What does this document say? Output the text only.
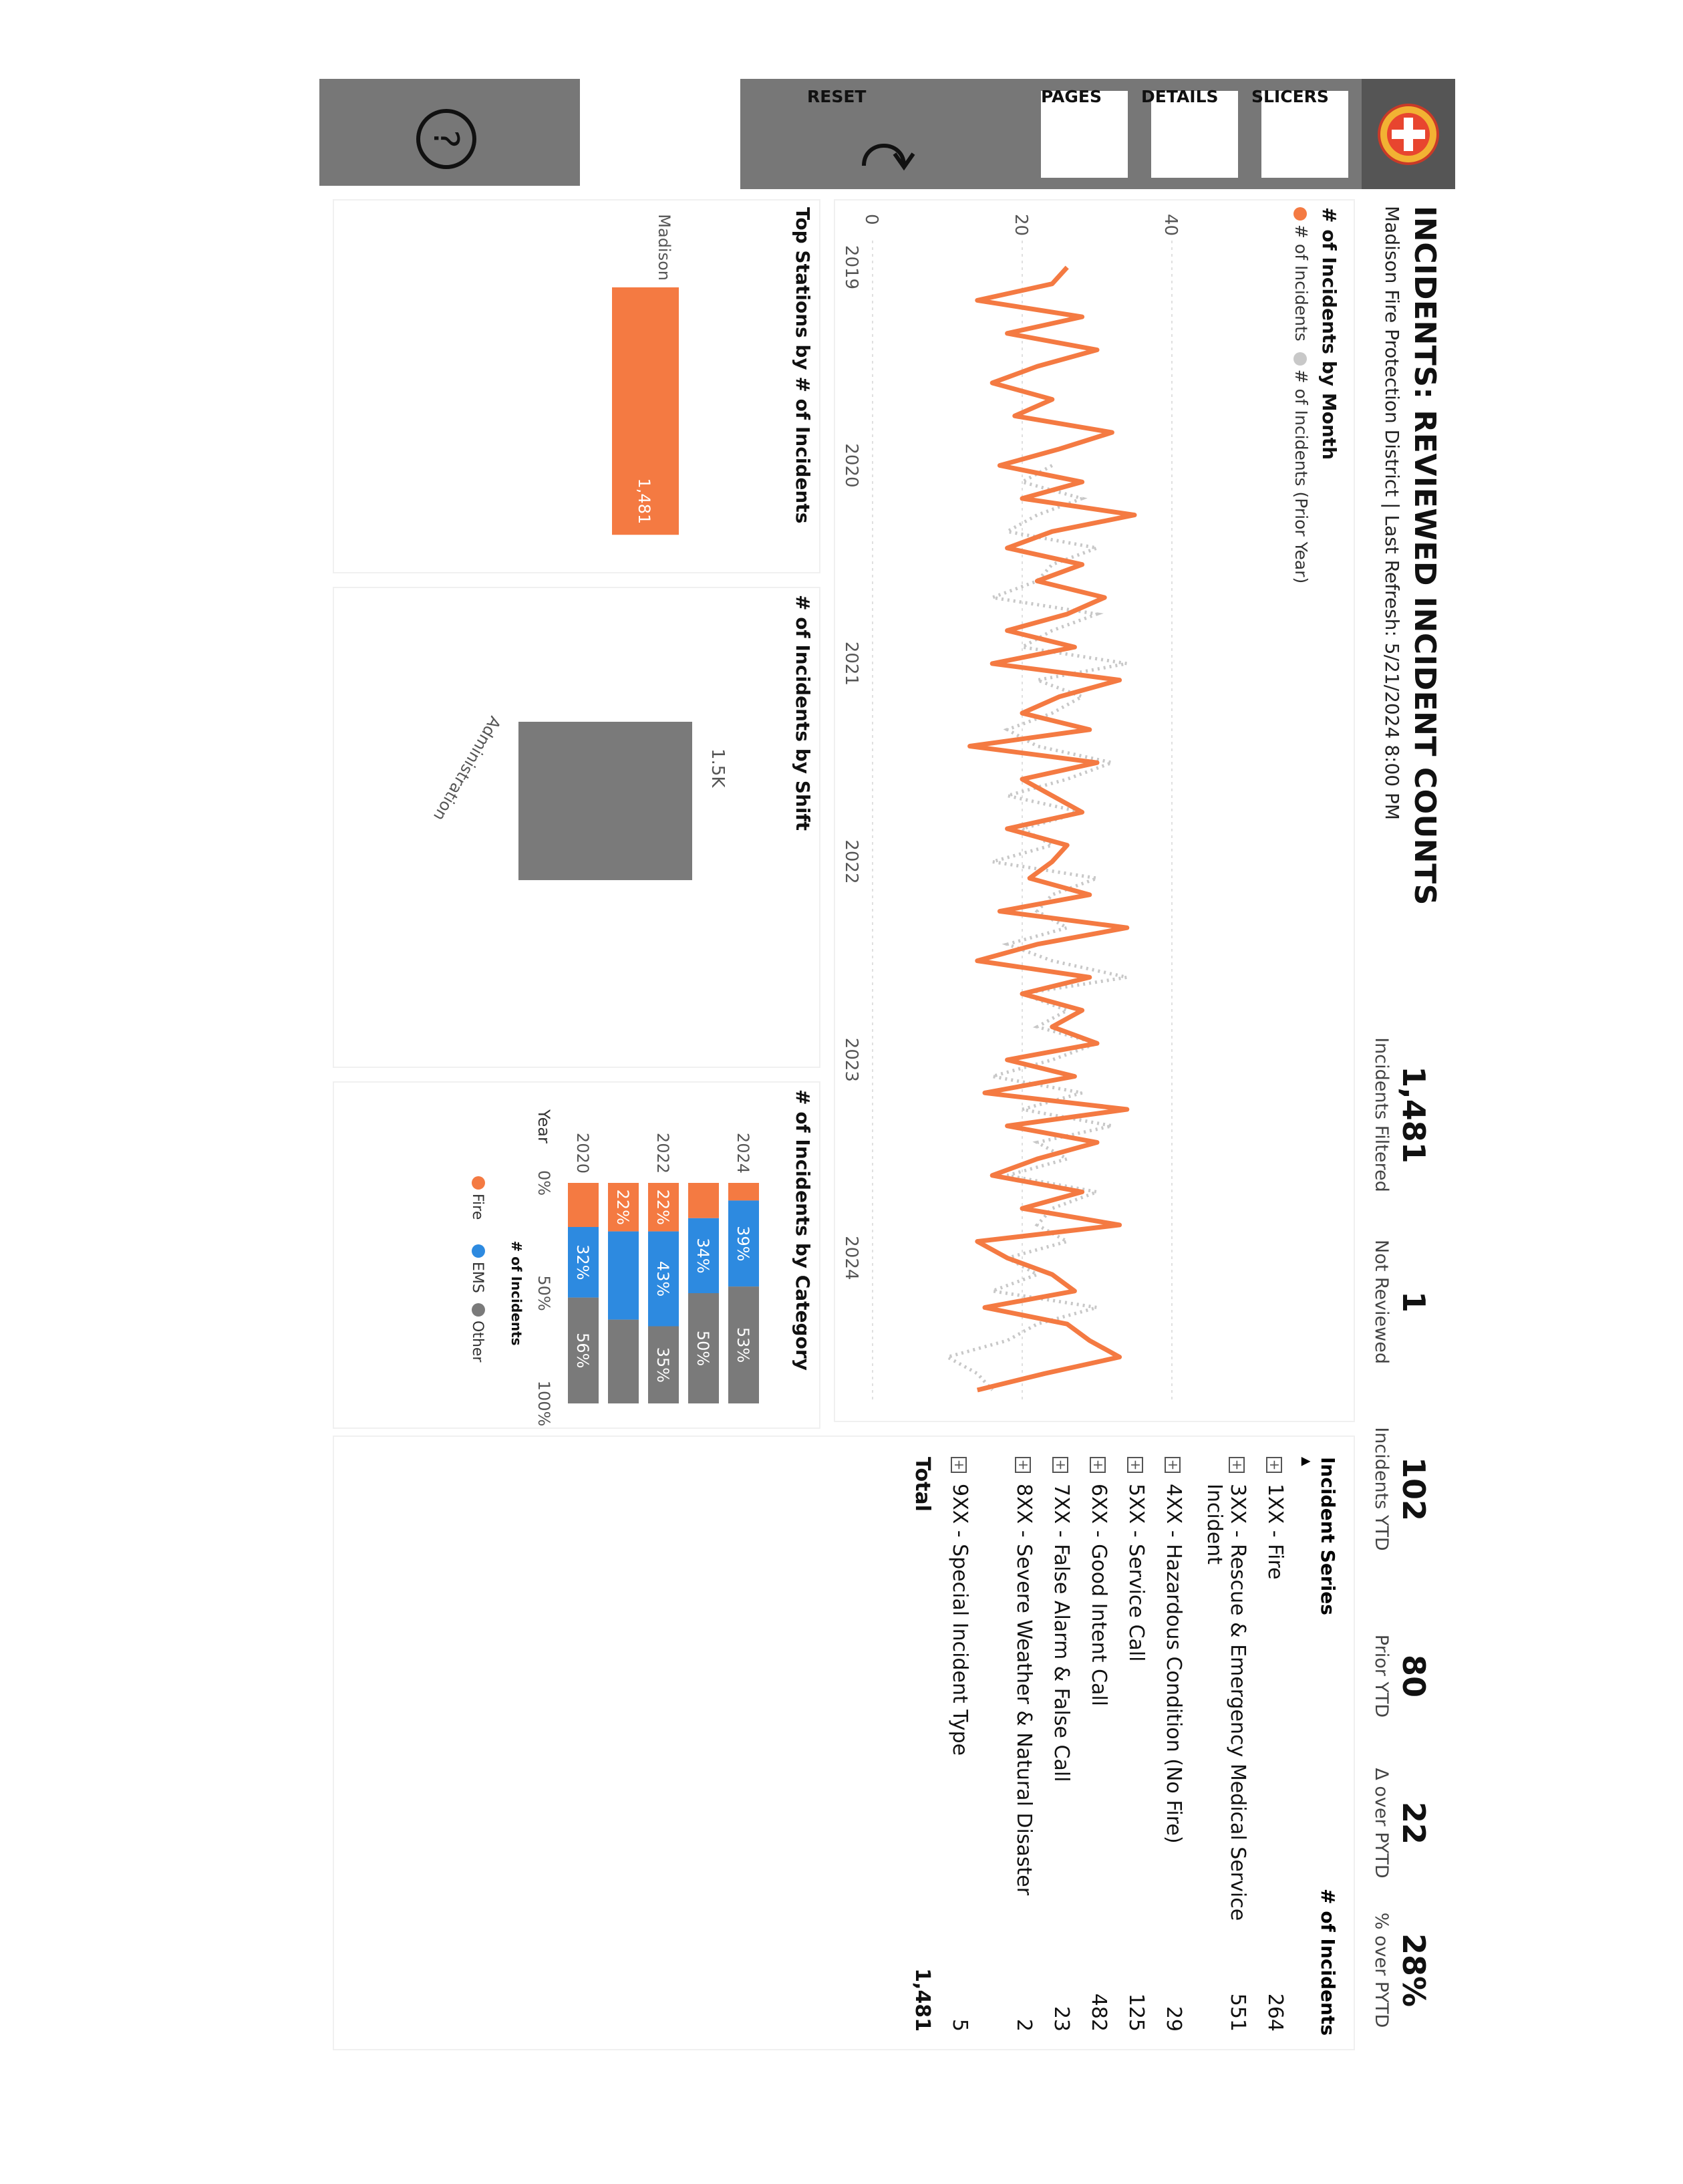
SLICERS
DETAILS
PAGES
RESET
?
INCIDENTS: REVIEWED INCIDENT COUNTS
Madison Fire Protection District | Last Refresh: 5/21/2024 8:00 PM
1,481
Incidents Filtered
1
Not Reviewed
102
Incidents YTD
80
Prior YTD
22
Δ over PYTD
28%
% over PYTD
# of Incidents by Month
# of Incidents # of Incidents (Prior Year)
0	20	40
2019
2020
2021
2022
2023
2024
Incident Series
▲
# of Incidents
+
1XX - Fire
264
+
3XX - Rescue & Emergency Medical Service Incident
551
+
4XX - Hazardous Condition (No Fire)
29
+
5XX - Service Call
125
+
6XX - Good Intent Call
482
+
7XX - False Alarm & False Call
23
+
8XX - Severe Weather & Natural Disaster
2
+
9XX - Special Incident Type
5
Total
1,481
Top Stations by # of Incidents
Madison
1,481
# of Incidents by Shift
1.5K
Administration
# of Incidents by Category
39%
53%
2024
34%
50%
22%
43%
35%
2022
22%
32%
56%
2020
Year
0%
50%
100%
# of Incidents
Fire
EMS
Other
